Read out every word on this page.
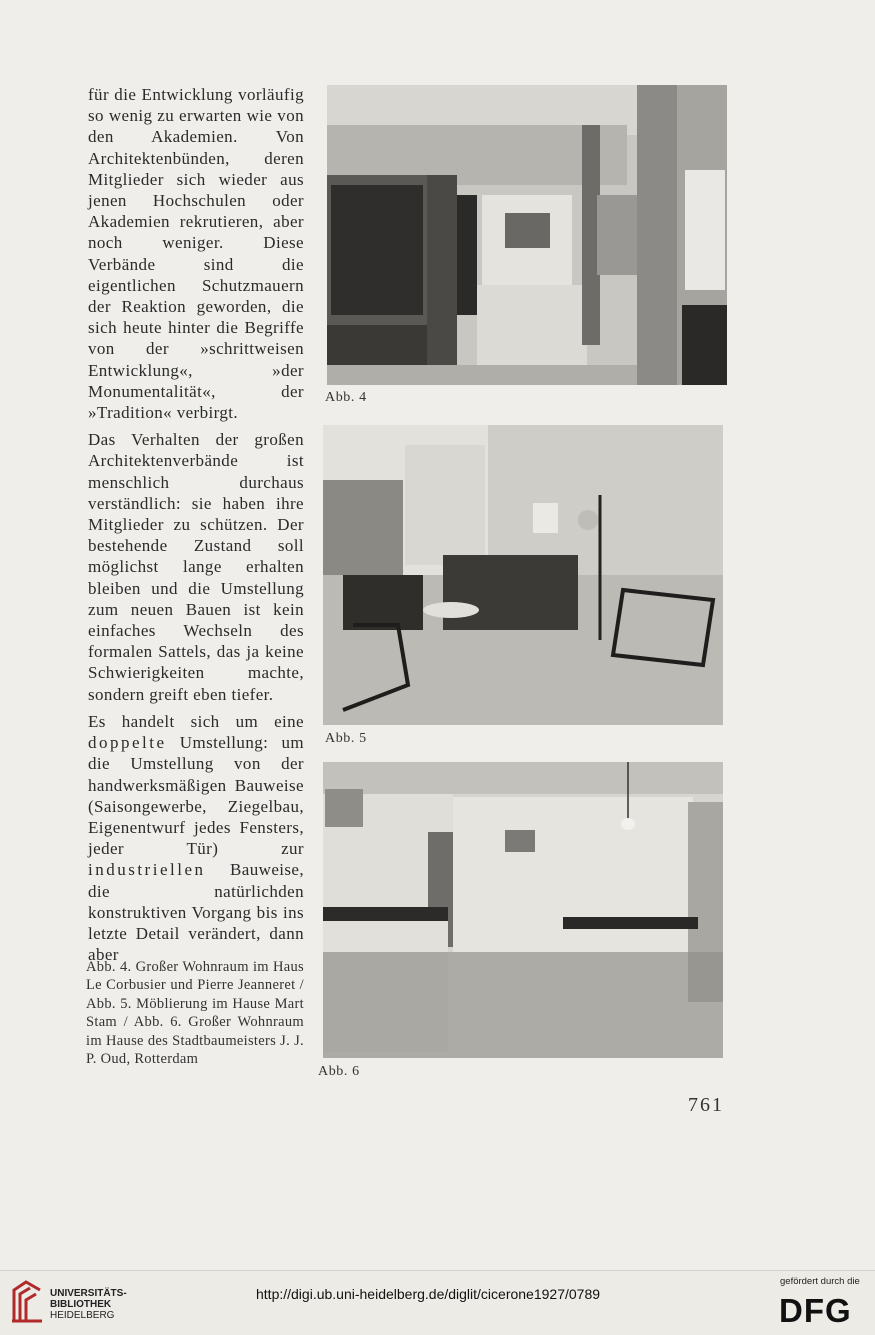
für die Entwicklung vorläufig so wenig zu erwarten wie von den Akademien. Von Architektenbünden, deren Mitglieder sich wieder aus jenen Hochschulen oder Akademien rekrutieren, aber noch weniger. Diese Verbände sind die eigentlichen Schutzmauern der Reaktion geworden, die sich heute hinter die Begriffe von der »schrittweisen Entwicklung«, »der Monumentalität«, der »Tradition« verbirgt.

Das Verhalten der großen Architektenverbände ist menschlich durchaus verständlich: sie haben ihre Mitglieder zu schützen. Der bestehende Zustand soll möglichst lange erhalten bleiben und die Umstellung zum neuen Bauen ist kein einfaches Wechseln des formalen Sattels, das ja keine Schwierigkeiten machte, sondern greift eben tiefer.

Es handelt sich um eine doppelte Umstellung: um die Umstellung von der handwerksmäßigen Bauweise (Saisongewerbe, Ziegelbau, Eigenentwurf jedes Fensters, jeder Tür) zur industriellen Bauweise, die natürlichden konstruktiven Vorgang bis ins letzte Detail verändert, dann aber

Abb. 4. Großer Wohnraum im Haus Le Corbusier und Pierre Jeanneret / Abb. 5. Möblierung im Hause Mart Stam / Abb. 6. Großer Wohnraum im Hause des Stadtbaumeisters J. J. P. Oud, Rotterdam
Abb. 4
Abb. 5
Abb. 6
761
UNIVERSITÄTS-
BIBLIOTHEK
HEIDELBERG
http://digi.ub.uni-heidelberg.de/diglit/cicerone1927/0789
gefördert durch die
DFG
